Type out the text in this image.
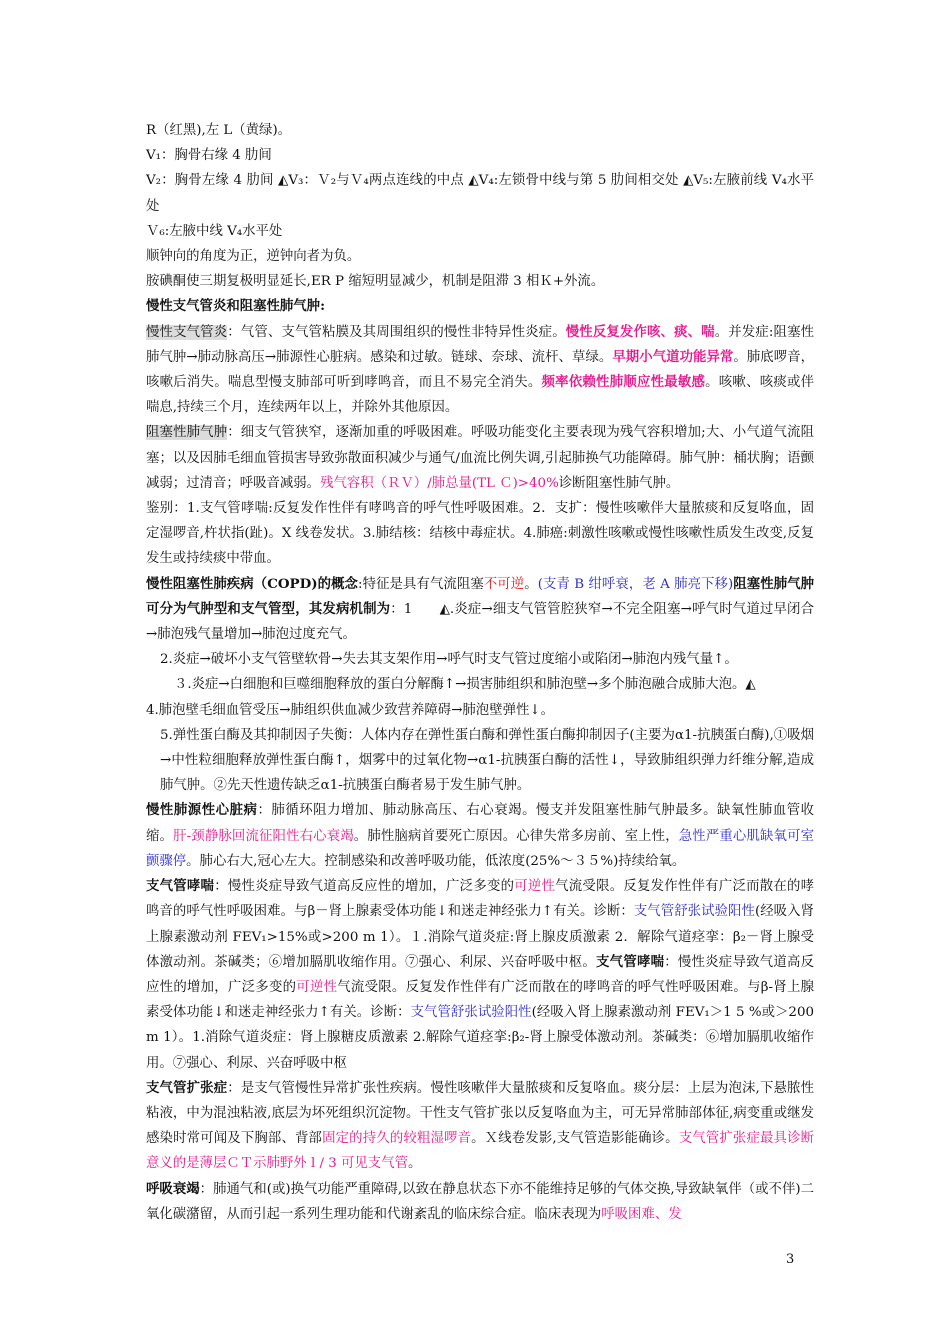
R（红黑),左 L（黄绿)。

V₁：胸骨右缘 4 肋间

V₂：胸骨左缘 4 肋间 ◭V₃：Ｖ₂与Ｖ₄两点连线的中点 ◭V₄:左锁骨中线与第 5 肋间相交处 ◭V₅:左腋前线 V₄水平处

Ｖ₆:左腋中线 V₄水平处

顺钟向的角度为正，逆钟向者为负。

胺碘酮使三期复极明显延长,ER P 缩短明显减少，机制是阻滞 3 相Ｋ+外流。

慢性支气管炎和阻塞性肺气肿:

慢性支气管炎：气管、支气管粘膜及其周围组织的慢性非特异性炎症。慢性反复发作咳、痰、喘。并发症:阻塞性肺气肿→肺动脉高压→肺源性心脏病。感染和过敏。链球、奈球、流杆、草绿。早期小气道功能异常。肺底啰音，咳嗽后消失。喘息型慢支肺部可听到哮鸣音，而且不易完全消失。频率依赖性肺顺应性最敏感。咳嗽、咳痰或伴喘息,持续三个月，连续两年以上，并除外其他原因。

阻塞性肺气肿：细支气管狭窄，逐渐加重的呼吸困难。呼吸功能变化主要表现为残气容积增加;大、小气道气流阻塞；以及因肺毛细血管损害导致弥散面积减少与通气/血流比例失调,引起肺换气功能障碍。肺气肿：桶状胸；语颤减弱；过清音；呼吸音减弱。残气容积（ＲＶ）/肺总量(TL Ｃ)>40%诊断阻塞性肺气肿。

鉴别：1.支气管哮喘:反复发作性伴有哮鸣音的呼气性呼吸困难。2．支扩：慢性咳嗽伴大量脓痰和反复咯血，固定湿啰音,杵状指(趾)。X 线卷发状。3.肺结核：结核中毒症状。4.肺癌:刺激性咳嗽或慢性咳嗽性质发生改变,反复发生或持续痰中带血。

慢性阻塞性肺疾病（COPD)的概念:特征是具有气流阻塞不可逆。(支青 B 绀呼衰，老 A 肺亮下移)阻塞性肺气肿可分为气肿型和支气管型，其发病机制为：1　　◭.炎症→细支气管管腔狭窄→不完全阻塞→呼气时气道过早闭合→肺泡残气量增加→肺泡过度充气。

2.炎症→破坏小支气管壁软骨→失去其支架作用→呼气时支气管过度缩小或陷闭→肺泡内残气量↑。

３.炎症→白细胞和巨噬细胞释放的蛋白分解酶↑→损害肺组织和肺泡壁→多个肺泡融合成肺大泡。◭

4.肺泡壁毛细血管受压→肺组织供血减少致营养障碍→肺泡壁弹性↓。

5.弹性蛋白酶及其抑制因子失衡：人体内存在弹性蛋白酶和弹性蛋白酶抑制因子(主要为α1-抗胰蛋白酶),①吸烟→中性粒细胞释放弹性蛋白酶↑，烟雾中的过氧化物→α1-抗胰蛋白酶的活性↓，导致肺组织弹力纤维分解,造成肺气肿。②先天性遗传缺乏α1-抗胰蛋白酶者易于发生肺气肿。

慢性肺源性心脏病：肺循环阻力增加、肺动脉高压、右心衰竭。慢支并发阻塞性肺气肿最多。缺氧性肺血管收缩。肝-颈静脉回流征阳性右心衰竭。肺性脑病首要死亡原因。心律失常多房前、室上性，急性严重心肌缺氧可室颤骤停。肺心右大,冠心左大。控制感染和改善呼吸功能，低浓度(25%～３５%)持续给氧。

支气管哮喘：慢性炎症导致气道高反应性的增加，广泛多变的可逆性气流受限。反复发作性伴有广泛而散在的哮鸣音的呼气性呼吸困难。与β－肾上腺素受体功能↓和迷走神经张力↑有关。诊断：支气管舒张试验阳性(经吸入肾上腺素激动剂 FEV₁>15%或>200 m 1）。１.消除气道炎症:肾上腺皮质激素 2．解除气道痉挛：β₂－肾上腺受体激动剂。茶碱类；⑥增加膈肌收缩作用。⑦强心、利尿、兴奋呼吸中枢。支气管哮喘：慢性炎症导致气道高反应性的增加，广泛多变的可逆性气流受限。反复发作性伴有广泛而散在的哮鸣音的呼气性呼吸困难。与β-肾上腺素受体功能↓和迷走神经张力↑有关。诊断：支气管舒张试验阳性(经吸入肾上腺素激动剂 FEV₁＞1 5 %或＞200 m 1）。1.消除气道炎症：肾上腺糖皮质激素 2.解除气道痉挛:β₂-肾上腺受体激动剂。茶碱类：⑥增加膈肌收缩作用。⑦强心、利尿、兴奋呼吸中枢

支气管扩张症：是支气管慢性异常扩张性疾病。慢性咳嗽伴大量脓痰和反复咯血。痰分层：上层为泡沫,下悬脓性粘液，中为混浊粘液,底层为坏死组织沉淀物。干性支气管扩张以反复咯血为主，可无异常肺部体征,病变重或继发感染时常可闻及下胸部、背部固定的持久的较粗湿啰音。Ｘ线卷发影,支气管造影能确诊。支气管扩张症最具诊断意义的是薄层ＣＴ示肺野外 l / 3 可见支气管。

呼吸衰竭：肺通气和(或)换气功能严重障碍,以致在静息状态下亦不能维持足够的气体交换,导致缺氧伴（或不伴)二氧化碳潴留，从而引起一系列生理功能和代谢紊乱的临床综合症。临床表现为呼吸困难、发

3
